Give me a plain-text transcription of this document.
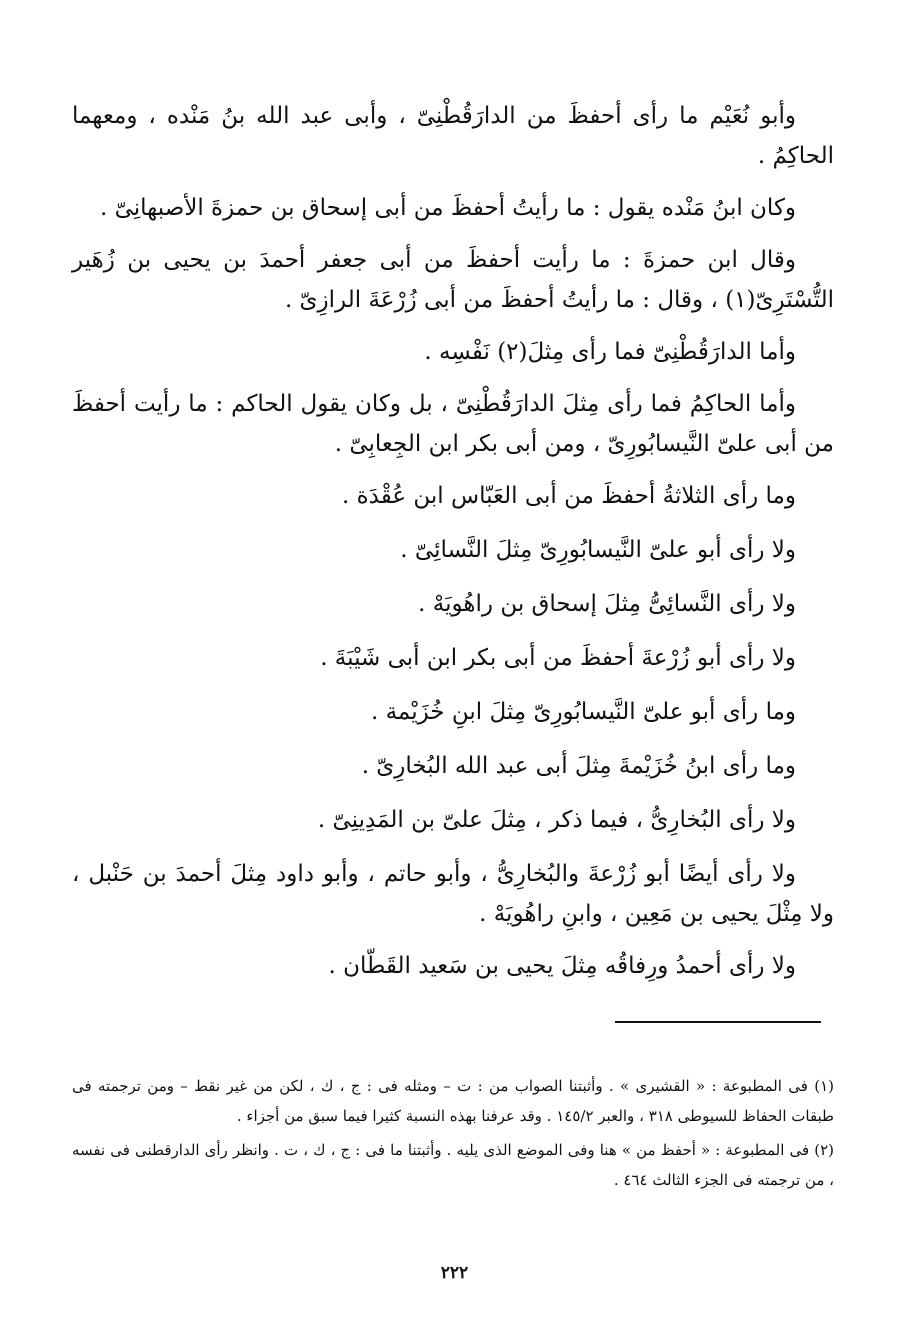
وأبو نُعَيْم ما رأى أحفظَ من الدارَقُطْنِىّ ، وأبى عبد الله بنُ مَنْده ، ومعهما الحاكِمُ .

وكان ابنُ مَنْده يقول : ما رأيتُ أحفظَ من أبى إسحاق بن حمزةَ الأصبهانِىّ .

وقال ابن حمزةَ : ما رأيت أحفظَ من أبى جعفر أحمدَ بن يحيى بن زُهَير التُّسْتَرِىّ(١) ، وقال : ما رأيتُ أحفظَ من أبى زُرْعَةَ الرازِىّ .

وأما الدارَقُطْنِىّ فما رأى مِثلَ(٢) نَفْسِه .

وأما الحاكِمُ فما رأى مِثلَ الدارَقُطْنِىّ ، بل وكان يقول الحاكم : ما رأيت أحفظَ من أبى علىّ النَّيسابُورِىّ ، ومن أبى بكر ابن الجِعابِىّ .

وما رأى الثلاثةُ أحفظَ من أبى العَبّاس ابن عُقْدَة .

ولا رأى أبو علىّ النَّيسابُورِىّ مِثلَ النَّسائِىّ .

ولا رأى النَّسائِىُّ مِثلَ إسحاق بن راهُويَهْ .

ولا رأى أبو زُرْعةَ أحفظَ من أبى بكر ابن أبى شَيْبَةَ .

وما رأى أبو علىّ النَّيسابُورِىّ مِثلَ ابنِ خُزَيْمة .

وما رأى ابنُ خُزَيْمةَ مِثلَ أبى عبد الله البُخارِىّ .

ولا رأى البُخارِىُّ ، فيما ذكر ، مِثلَ علىّ بن المَدِينِىّ .

ولا رأى أيضًا أبو زُرْعةَ والبُخارِىُّ ، وأبو حاتم ، وأبو داود مِثلَ أحمدَ بن حَنْبل ، ولا مِثْلَ يحيى بن مَعِين ، وابنِ راهُويَهْ .

ولا رأى أحمدُ ورِفاقُه مِثلَ يحيى بن سَعيد القَطّان .

(١) فى المطبوعة : « القشيرى » . وأثبتنا الصواب من : ت – ومثله فى : ج ، ك ، لكن من غير نقط – ومن ترجمته فى طبقات الحفاظ للسيوطى ٣١٨ ، والعبر ١٤٥/٢ . وقد عرفنا بهذه النسبة كثيرا فيما سبق من أجزاء .

(٢) فى المطبوعة : « أحفظ من » هنا وفى الموضع الذى يليه . وأثبتنا ما فى : ج ، ك ، ت . وانظر رأى الدارقطنى فى نفسه ، من ترجمته فى الجزء الثالث ٤٦٤ .

٢٢٢
